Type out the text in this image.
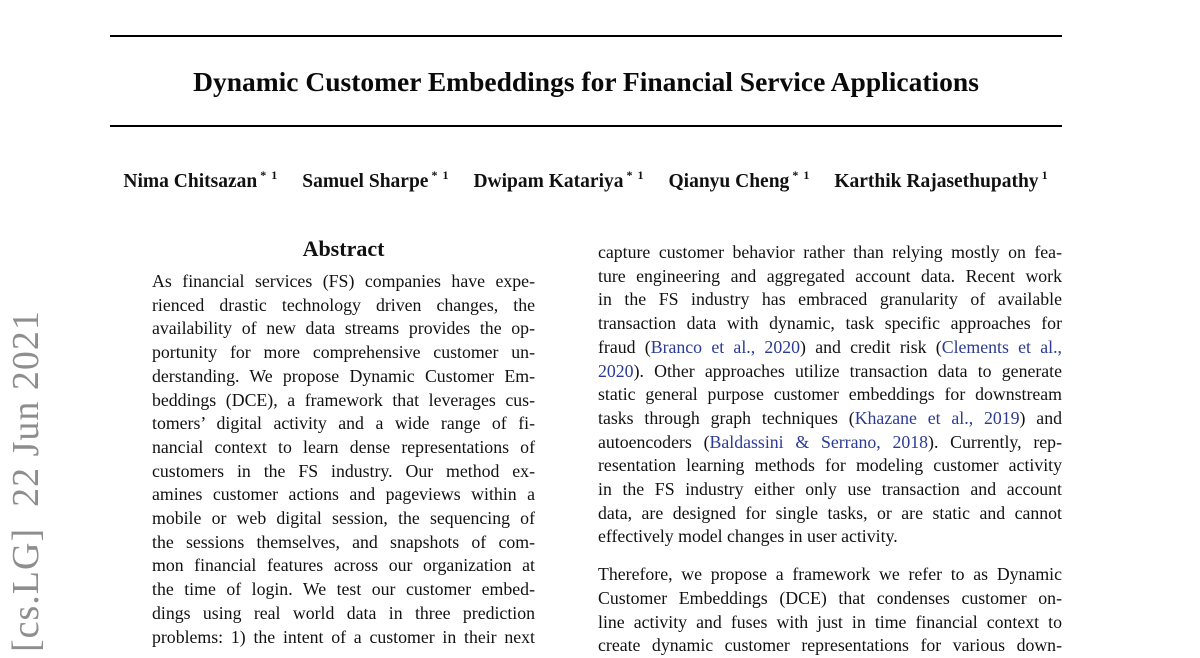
[cs.LG]  22 Jun 2021
Dynamic Customer Embeddings for Financial Service Applications
Nima Chitsazan $^{* 1}$ Samuel Sharpe $^{* 1}$ Dwipam Katariya $^{* 1}$ Qianyu Cheng $^{* 1}$ Karthik Rajasethupathy $^1$
Abstract
As financial services (FS) companies have expe-
rienced drastic technology driven changes, the
availability of new data streams provides the op-
portunity for more comprehensive customer un-
derstanding. We propose Dynamic Customer Em-
beddings (DCE), a framework that leverages cus-
tomers’ digital activity and a wide range of fi-
nancial context to learn dense representations of
customers in the FS industry. Our method ex-
amines customer actions and pageviews within a
mobile or web digital session, the sequencing of
the sessions themselves, and snapshots of com-
mon financial features across our organization at
the time of login. We test our customer embed-
dings using real world data in three prediction
problems: 1) the intent of a customer in their next
capture customer behavior rather than relying mostly on fea-
ture engineering and aggregated account data. Recent work
in the FS industry has embraced granularity of available
transaction data with dynamic, task specific approaches for
fraud (Branco et al., 2020) and credit risk (Clements et al.,
2020). Other approaches utilize transaction data to generate
static general purpose customer embeddings for downstream
tasks through graph techniques (Khazane et al., 2019) and
autoencoders (Baldassini & Serrano, 2018). Currently, rep-
resentation learning methods for modeling customer activity
in the FS industry either only use transaction and account
data, are designed for single tasks, or are static and cannot
effectively model changes in user activity.
Therefore, we propose a framework we refer to as Dynamic
Customer Embeddings (DCE) that condenses customer on-
line activity and fuses with just in time financial context to
create dynamic customer representations for various down-
